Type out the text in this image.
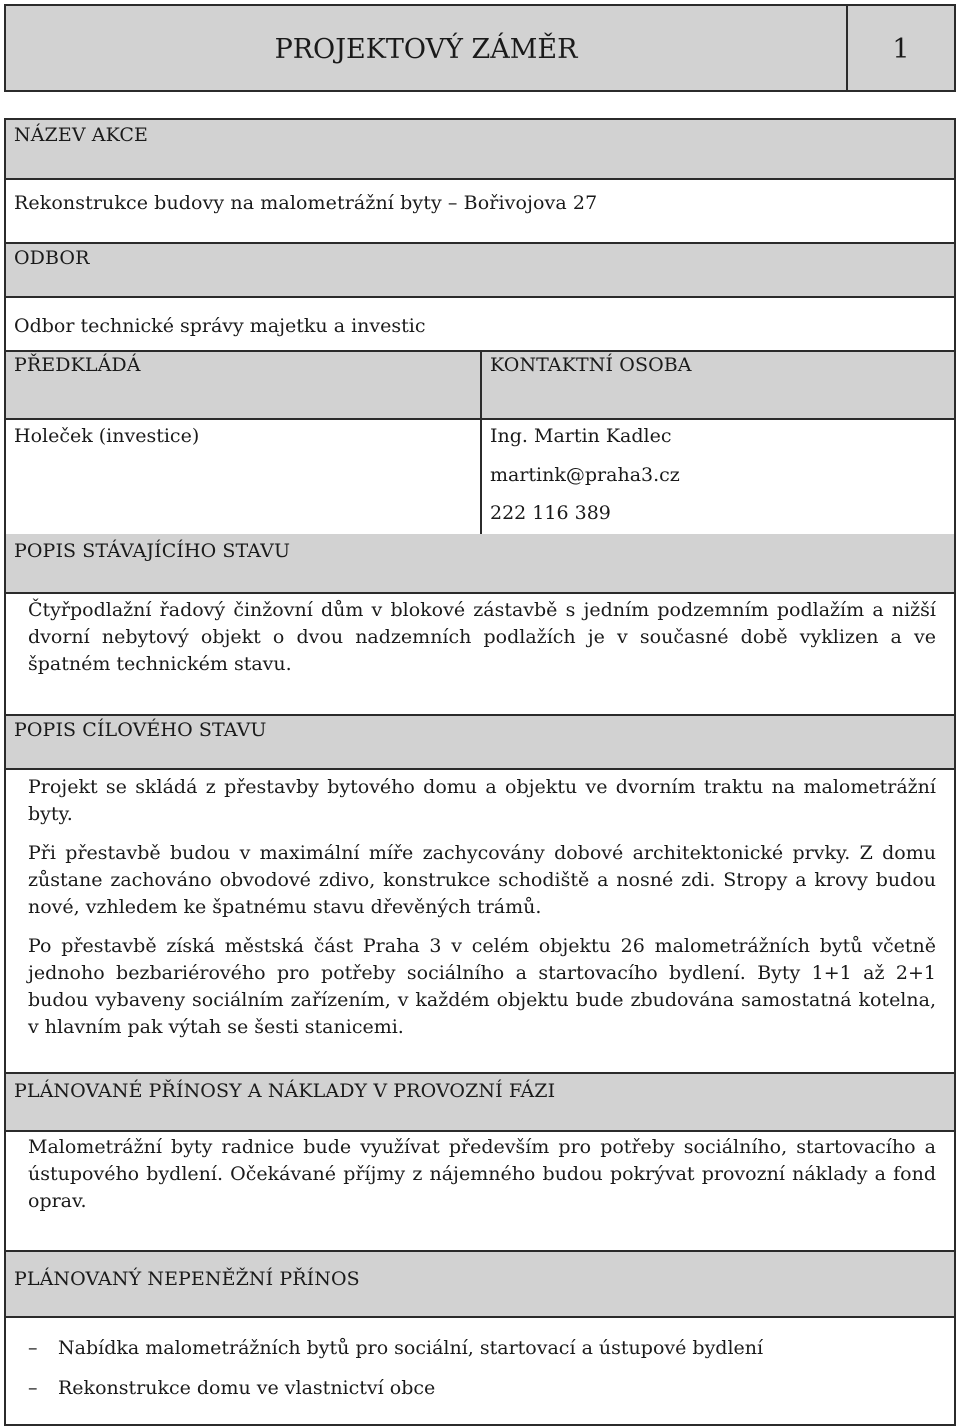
PROJEKTOVÝ ZÁMĚR	1
NÁZEV AKCE
Rekonstrukce budovy na malometrážní byty – Bořivojova 27
ODBOR
Odbor technické správy majetku a investic
PŘEDKLÁDÁ	KONTAKTNÍ OSOBA
Holeček (investice)	Ing. Martin Kadlec
martink@praha3.cz
222 116 389
POPIS STÁVAJÍCÍHO STAVU
Čtyřpodlažní řadový činžovní dům v blokové zástavbě s jedním podzemním podlažím a nižší dvorní nebytový objekt o dvou nadzemních podlažích je v současné době vyklizen a ve špatném technickém stavu.
POPIS CÍLOVÉHO STAVU

Projekt se skládá z přestavby bytového domu a objektu ve dvorním traktu na malometrážní byty.

Při přestavbě budou v maximální míře zachycovány dobové architektonické prvky. Z domu zůstane zachováno obvodové zdivo, konstrukce schodiště a nosné zdi. Stropy a krovy budou nové, vzhledem ke špatnému stavu dřevěných trámů.

Po přestavbě získá městská část Praha 3 v celém objektu 26 malometrážních bytů včetně jednoho bezbariérového pro potřeby sociálního a startovacího bydlení. Byty 1+1 až 2+1 budou vybaveny sociálním zařízením, v každém objektu bude zbudována samostatná kotelna, v hlavním pak výtah se šesti stanicemi.

PLÁNOVANÉ PŘÍNOSY A NÁKLADY V PROVOZNÍ FÁZI
Malometrážní byty radnice bude využívat především pro potřeby sociálního, startovacího a ústupového bydlení. Očekávané příjmy z nájemného budou pokrývat provozní náklady a fond oprav.
PLÁNOVANÝ NEPENĚŽNÍ PŘÍNOS
– Nabídka malometrážních bytů pro sociální, startovací a ústupové bydlení
– Rekonstrukce domu ve vlastnictví obce
